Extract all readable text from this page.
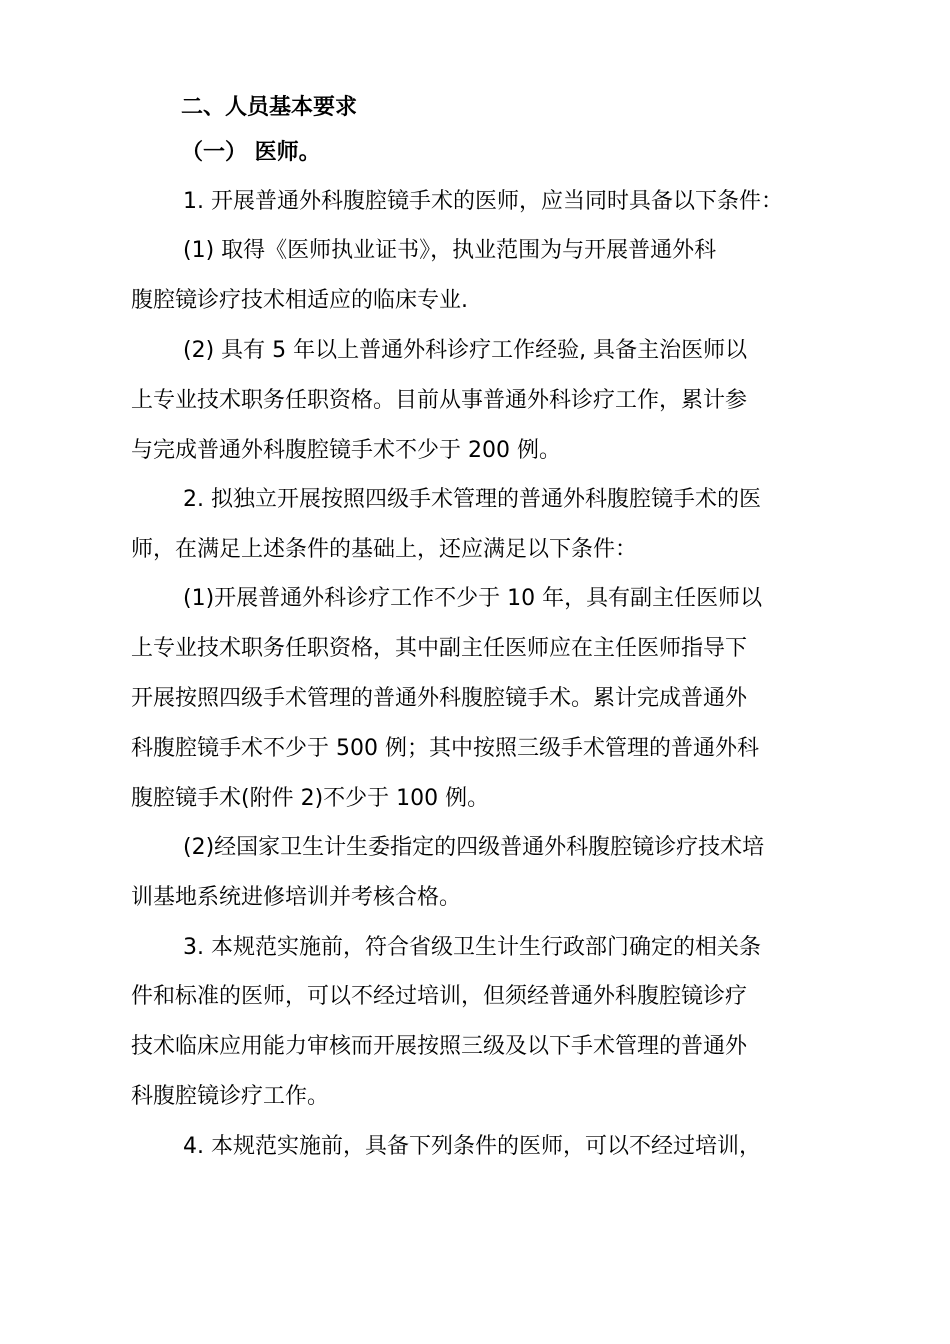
二、人员基本要求
（一） 医师。
1. 开展普通外科腹腔镜手术的医师，应当同时具备以下条件：
(1) 取得《医师执业证书》，执业范围为与开展普通外科
腹腔镜诊疗技术相适应的临床专业.
(2) 具有 5 年以上普通外科诊疗工作经验, 具备主治医师以
上专业技术职务任职资格。目前从事普通外科诊疗工作，累计参
与完成普通外科腹腔镜手术不少于 200 例。
2. 拟独立开展按照四级手术管理的普通外科腹腔镜手术的医
师，在满足上述条件的基础上，还应满足以下条件：
(1)开展普通外科诊疗工作不少于 10 年，具有副主任医师以
上专业技术职务任职资格，其中副主任医师应在主任医师指导下
开展按照四级手术管理的普通外科腹腔镜手术。累计完成普通外
科腹腔镜手术不少于 500 例；其中按照三级手术管理的普通外科
腹腔镜手术(附件 2)不少于 100 例。
(2)经国家卫生计生委指定的四级普通外科腹腔镜诊疗技术培
训基地系统进修培训并考核合格。
3. 本规范实施前，符合省级卫生计生行政部门确定的相关条
件和标准的医师，可以不经过培训，但须经普通外科腹腔镜诊疗
技术临床应用能力审核而开展按照三级及以下手术管理的普通外
科腹腔镜诊疗工作。
4. 本规范实施前，具备下列条件的医师，可以不经过培训，
